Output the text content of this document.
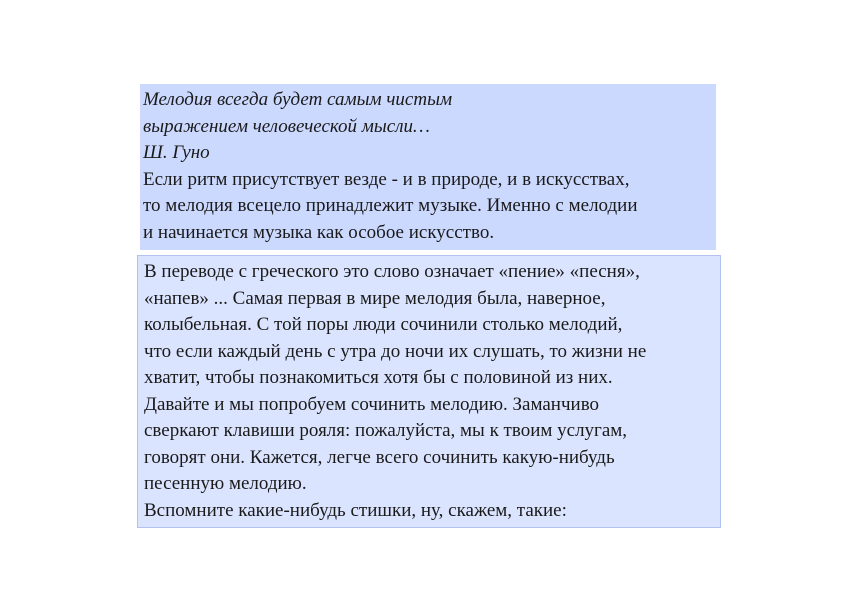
Мелодия всегда будет самым чистым
выражением человеческой мысли…
Ш. Гуно
Если ритм присутствует везде - и в природе, и в искусствах,
то мелодия всецело принадлежит музыке. Именно с мелодии
и начинается музыка как особое искусство.
В переводе с греческого это слово означает «пение» «песня»,
«напев» ... Самая первая в мире мелодия была, наверное,
колыбельная. С той поры люди сочинили столько мелодий,
что если каждый день с утра до ночи их слушать, то жизни не
хватит, чтобы познакомиться хотя бы с половиной из них.
Давайте и мы попробуем сочинить мелодию. Заманчиво
сверкают клавиши рояля: пожалуйста, мы к твоим услугам,
говорят они. Кажется, легче всего сочинить какую-нибудь
песенную мелодию.
Вспомните какие-нибудь стишки, ну, скажем, такие:
